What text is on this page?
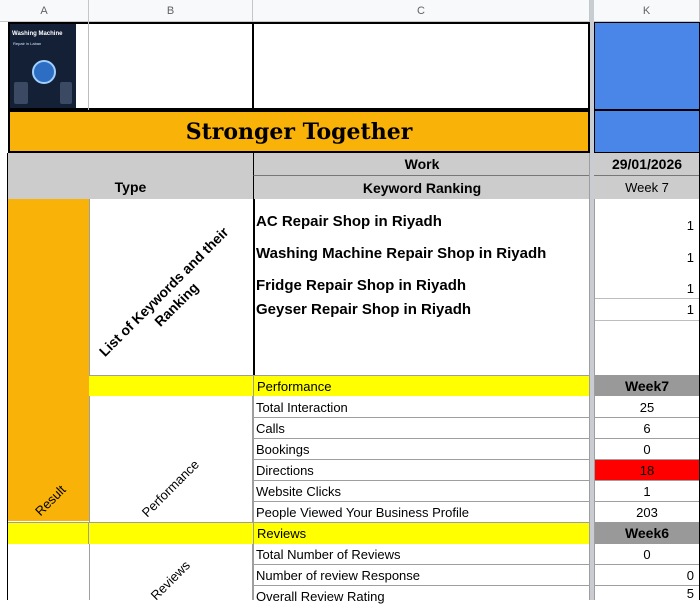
A	B	C	K
Washing Machine
Repair in Laban
Stronger Together
Type
Work
Keyword Ranking
29/01/2026
Week 7
Result
List of Keywords and their Ranking
AC Repair Shop in Riyadh	1
Washing Machine Repair Shop in Riyadh	1
Fridge Repair Shop in Riyadh	1
Geyser Repair Shop in Riyadh	1
Performance	Week7
Performance
Total Interaction	25
Calls	6
Bookings	0
Directions	18
Website Clicks	1
People Viewed Your Business Profile	203
Reviews	Week6
Reviews
Total Number of Reviews	0
Number of review Response	0
Overall Review Rating	5
